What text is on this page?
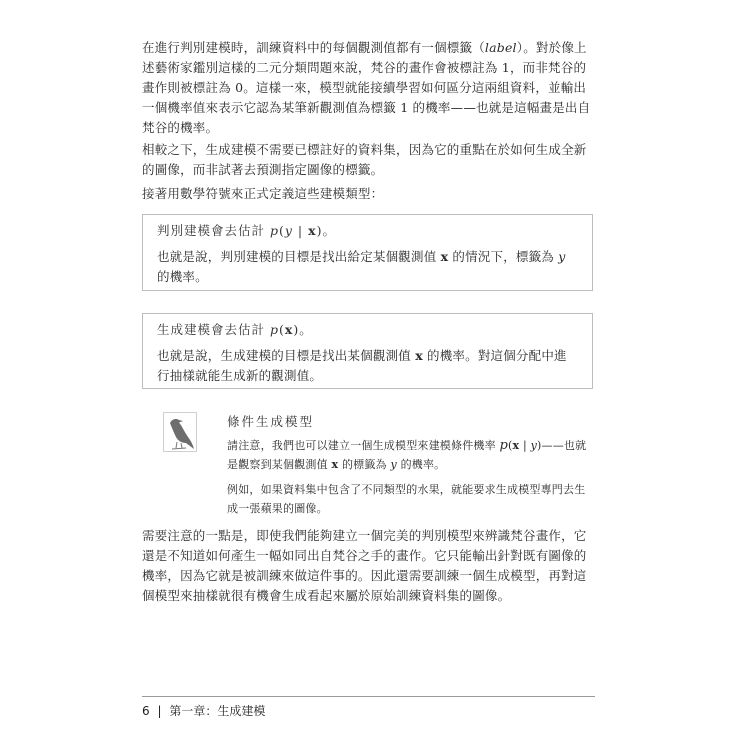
在進行判別建模時，訓練資料中的每個觀測值都有一個標籤（label）。對於像上述藝術家鑑別這樣的二元分類問題來說，梵谷的畫作會被標註為 1，而非梵谷的畫作則被標註為 0。這樣一來，模型就能接續學習如何區分這兩組資料，並輸出一個機率值來表示它認為某筆新觀測值為標籤 1 的機率——也就是這幅畫是出自梵谷的機率。

相較之下，生成建模不需要已標註好的資料集，因為它的重點在於如何生成全新的圖像，而非試著去預測指定圖像的標籤。

接著用數學符號來正式定義這些建模類型：

判別建模會去估計 p(y | x)。

也就是說，判別建模的目標是找出給定某個觀測值 x 的情況下，標籤為 y 的機率。

生成建模會去估計 p(x)。

也就是說，生成建模的目標是找出某個觀測值 x 的機率。對這個分配中進行抽樣就能生成新的觀測值。

條件生成模型

請注意，我們也可以建立一個生成模型來建模條件機率 p(x | y)——也就是觀察到某個觀測值 x 的標籤為 y 的機率。

例如，如果資料集中包含了不同類型的水果，就能要求生成模型專門去生成一張蘋果的圖像。

需要注意的一點是，即使我們能夠建立一個完美的判別模型來辨識梵谷畫作，它還是不知道如何產生一幅如同出自梵谷之手的畫作。它只能輸出針對既有圖像的機率，因為它就是被訓練來做這件事的。因此還需要訓練一個生成模型，再對這個模型來抽樣就很有機會生成看起來屬於原始訓練資料集的圖像。

6 | 第一章：生成建模
